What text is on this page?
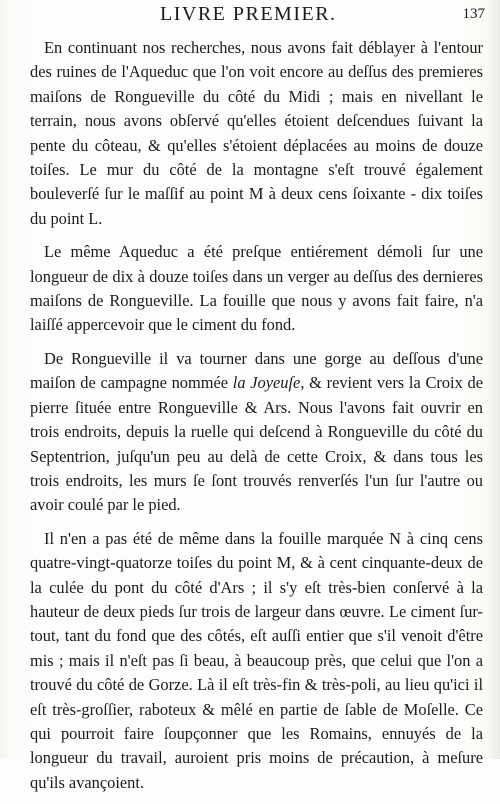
LIVRE PREMIER.	137

En continuant nos recherches, nous avons fait déblayer à l'entour des ruines de l'Aqueduc que l'on voit encore au deſſus des premieres maiſons de Rongueville du côté du Midi ; mais en nivellant le terrain, nous avons obſervé qu'elles étoient deſcendues ſuivant la pente du côteau, & qu'elles s'étoient déplacées au moins de douze toiſes. Le mur du côté de la montagne s'eſt trouvé également bouleverſé ſur le maſſif au point M à deux cens ſoixante - dix toiſes du point L.

Le même Aqueduc a été preſque entiérement démoli ſur une longueur de dix à douze toiſes dans un verger au deſſus des dernieres maiſons de Rongueville. La fouille que nous y avons fait faire, n'a laiſſé appercevoir que le ciment du fond.

De Rongueville il va tourner dans une gorge au deſſous d'une maiſon de campagne nommée la Joyeuſe, & revient vers la Croix de pierre ſituée entre Rongueville & Ars. Nous l'avons fait ouvrir en trois endroits, depuis la ruelle qui deſcend à Rongueville du côté du Septentrion, juſqu'un peu au delà de cette Croix, & dans tous les trois endroits, les murs ſe ſont trouvés renverſés l'un ſur l'autre ou avoir coulé par le pied.

Il n'en a pas été de même dans la fouille marquée N à cinq cens quatre-vingt-quatorze toiſes du point M, & à cent cinquante-deux de la culée du pont du côté d'Ars ; il s'y eſt très-bien conſervé à la hauteur de deux pieds ſur trois de largeur dans œuvre. Le ciment ſur-tout, tant du fond que des côtés, eſt auſſi entier que s'il venoit d'être mis ; mais il n'eſt pas ſi beau, à beaucoup près, que celui que l'on a trouvé du côté de Gorze. Là il eſt très-fin & très-poli, au lieu qu'ici il eſt très-groſſier, raboteux & mêlé en partie de ſable de Moſelle. Ce qui pourroit faire ſoupçonner que les Romains, ennuyés de la longueur du travail, auroient pris moins de précaution, à meſure qu'ils avançoient.
